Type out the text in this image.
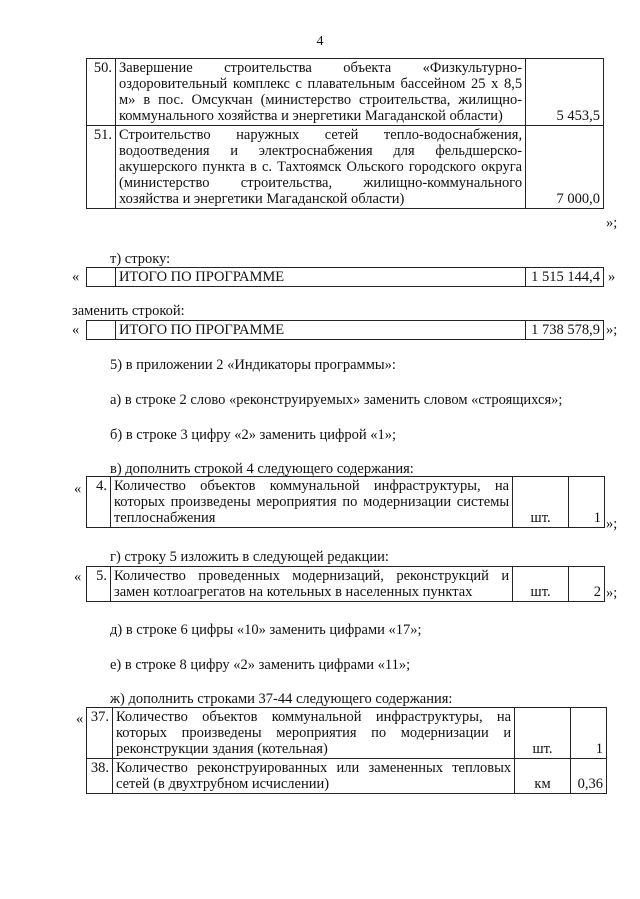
4
50.	Завершение строительства объекта «Физкультурно-оздоровительный комплекс с плавательным бассейном 25 х 8,5 м» в пос. Омсукчан (министерство строительства, жилищно-коммунального хозяйства и энергетики Магаданской области)	5 453,5
51.	Строительство наружных сетей тепло-водоснабжения, водоотведения и электроснабжения для фельдшерско-акушерского пункта в с. Тахтоямск Ольского городского округа (министерство строительства, жилищно-коммунального хозяйства и энергетики Магаданской области)	7 000,0
»;
т) строку:
«
		ИТОГО ПО ПРОГРАММЕ	1 515 144,4 »
заменить строкой:
«
		ИТОГО ПО ПРОГРАММЕ	1 738 578,9 »;
5) в приложении 2 «Индикаторы программы»:
а) в строке 2 слово «реконструируемых» заменить словом «строящихся»;
б) в строке 3 цифру «2» заменить цифрой «1»;
в) дополнить строкой 4 следующего содержания:
« 4.	Количество объектов коммунальной инфраструктуры, на которых произведены мероприятия по модернизации системы теплоснабжения	шт.	1 »;
г) строку 5 изложить в следующей редакции:
« 5.	Количество проведенных модернизаций, реконструкций и замен котлоагрегатов на котельных в населенных пунктах	шт.	2 »;
д) в строке 6 цифры «10» заменить цифрами «17»;
е) в строке 8 цифру «2» заменить цифрами «11»;
ж) дополнить строками 37-44 следующего содержания:
« 37.	Количество объектов коммунальной инфраструктуры, на которых произведены мероприятия по модернизации и реконструкции здания (котельная)	шт.	1
38.	Количество реконструированных или замененных тепловых сетей (в двухтрубном исчислении)	км	0,36
